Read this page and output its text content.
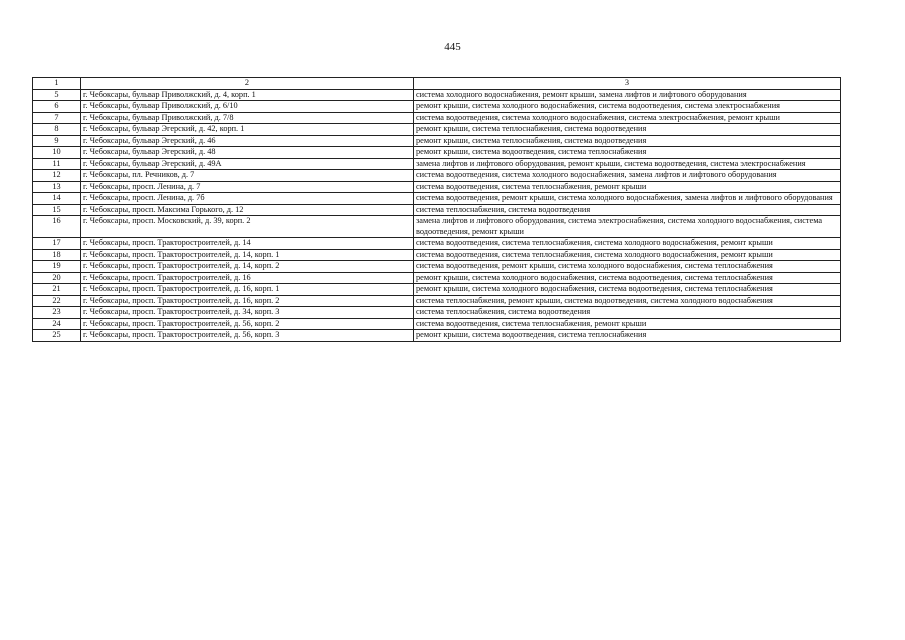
445
1	2	3
5	г. Чебоксары, бульвар Приволжский, д. 4, корп. 1	система холодного водоснабжения, ремонт крыши, замена лифтов и лифтового оборудования
6	г. Чебоксары, бульвар Приволжский, д. 6/10	ремонт крыши, система холодного водоснабжения, система водоотведения, система электроснабжения
7	г. Чебоксары, бульвар Приволжский, д. 7/8	система водоотведения, система холодного водоснабжения, система электроснабжения, ремонт крыши
8	г. Чебоксары, бульвар Эгерский, д. 42, корп. 1	ремонт крыши, система теплоснабжения, система водоотведения
9	г. Чебоксары, бульвар Эгерский, д. 46	ремонт крыши, система теплоснабжения, система водоотведения
10	г. Чебоксары, бульвар Эгерский, д. 48	ремонт крыши, система водоотведения, система теплоснабжения
11	г. Чебоксары, бульвар Эгерский, д. 49А	замена лифтов и лифтового оборудования, ремонт крыши, система водоотведения, система электроснабжения
12	г. Чебоксары, пл. Речников, д. 7	система водоотведения, система холодного водоснабжения, замена лифтов и лифтового оборудования
13	г. Чебоксары, просп. Ленина, д. 7	система водоотведения, система теплоснабжения, ремонт крыши
14	г. Чебоксары, просп. Ленина, д. 7б	система водоотведения, ремонт крыши, система холодного водоснабжения, замена лифтов и лифтового оборудования
15	г. Чебоксары, просп. Максима Горького, д. 12	система теплоснабжения, система водоотведения
16	г. Чебоксары, просп. Московский, д. 39, корп. 2	замена лифтов и лифтового оборудования, система электроснабжения, система холодного водоснабжения, система водоотведения, ремонт крыши
17	г. Чебоксары, просп. Тракторостроителей, д. 14	система водоотведения, система теплоснабжения, система холодного водоснабжения, ремонт крыши
18	г. Чебоксары, просп. Тракторостроителей, д. 14, корп. 1	система водоотведения, система теплоснабжения, система холодного водоснабжения, ремонт крыши
19	г. Чебоксары, просп. Тракторостроителей, д. 14, корп. 2	система водоотведения, ремонт крыши, система холодного водоснабжения, система теплоснабжения
20	г. Чебоксары, просп. Тракторостроителей, д. 16	ремонт крыши, система холодного водоснабжения, система водоотведения, система теплоснабжения
21	г. Чебоксары, просп. Тракторостроителей, д. 16, корп. 1	ремонт крыши, система холодного водоснабжения, система водоотведения, система теплоснабжения
22	г. Чебоксары, просп. Тракторостроителей, д. 16, корп. 2	система теплоснабжения, ремонт крыши, система водоотведения, система холодного водоснабжения
23	г. Чебоксары, просп. Тракторостроителей, д. 34, корп. 3	система теплоснабжения, система водоотведения
24	г. Чебоксары, просп. Тракторостроителей, д. 56, корп. 2	система водоотведения, система теплоснабжения, ремонт крыши
25	г. Чебоксары, просп. Тракторостроителей, д. 56, корп. 3	ремонт крыши, система водоотведения, система теплоснабжения
